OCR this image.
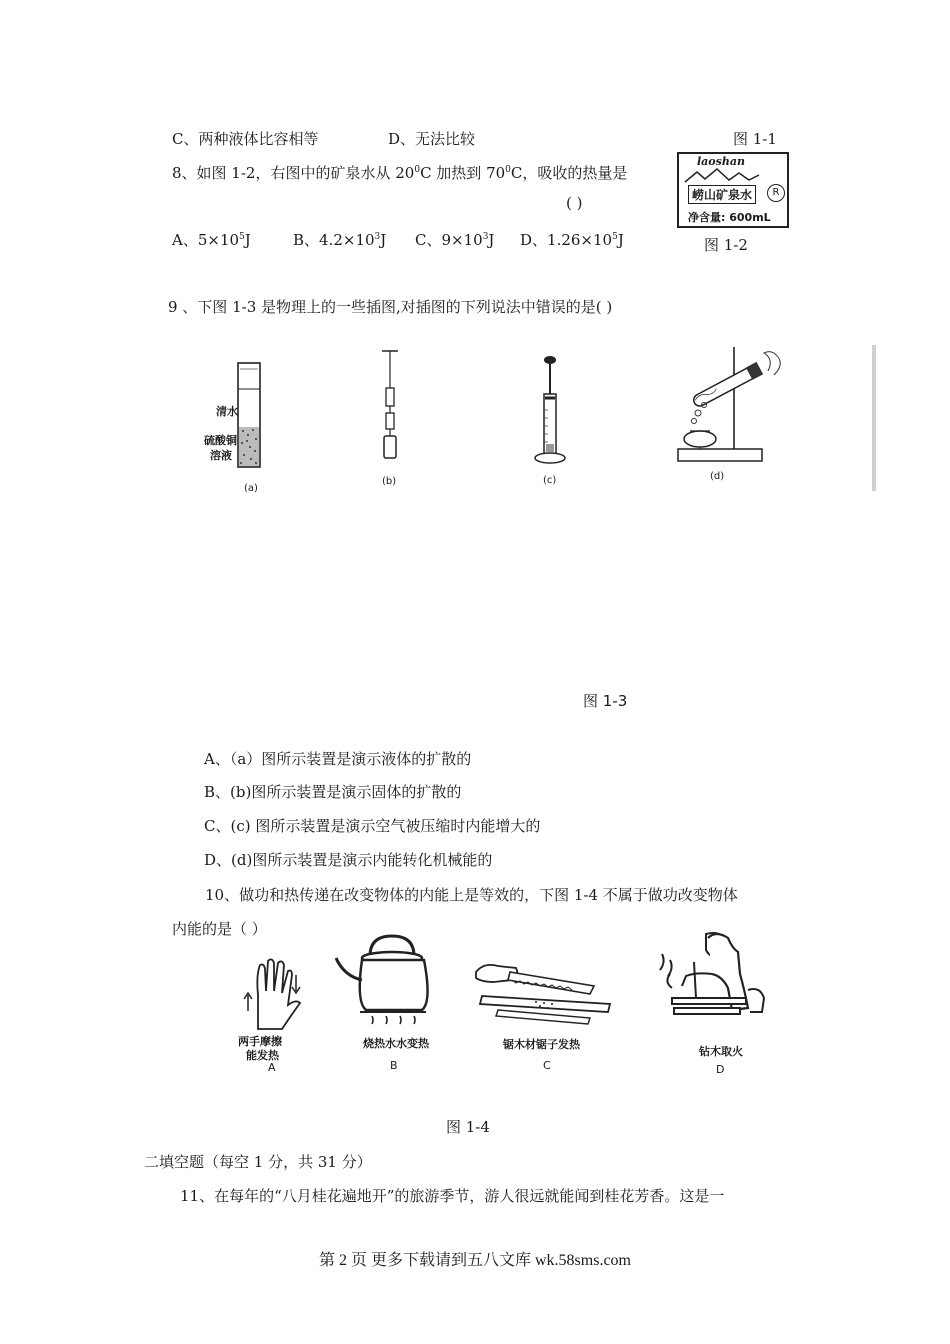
C、两种液体比容相等	D、无法比较	图 1-1
8、如图 1-2，右图中的矿泉水从 $20^0C$ 加热到 $70^0C$，吸收的热量是
( )
A、$5\times 10^5J$	B、$4.2\times 10^3J$ C、$9\times 10^3J$ D、$1.26\times 10^5J$
laoshan
崂山矿泉水	R
净含量: 600mL
图 1-2
9 、下图 1-3 是物理上的一些插图,对插图的下列说法中错误的是( )
清水
硫酸铜
溶液
(a)
(b)	(c)	(d)
图 1-3
A、（a）图所示装置是演示液体的扩散的
B、(b)图所示装置是演示固体的扩散的
C、(c) 图所示装置是演示空气被压缩时内能增大的
D、(d)图所示装置是演示内能转化机械能的
10、做功和热传递在改变物体的内能上是等效的，下图 1-4 不属于做功改变物体
内能的是（ ）
两手摩擦
能发热
A
烧热水水变热
B
锯木材锯子发热
C
钻木取火
D
图 1-4
二填空题（每空 1 分，共 31 分）
11、在每年的“八月桂花遍地开”的旅游季节，游人很远就能闻到桂花芳香。这是一
第 2 页 更多下载请到五八文库 wk.58sms.com
